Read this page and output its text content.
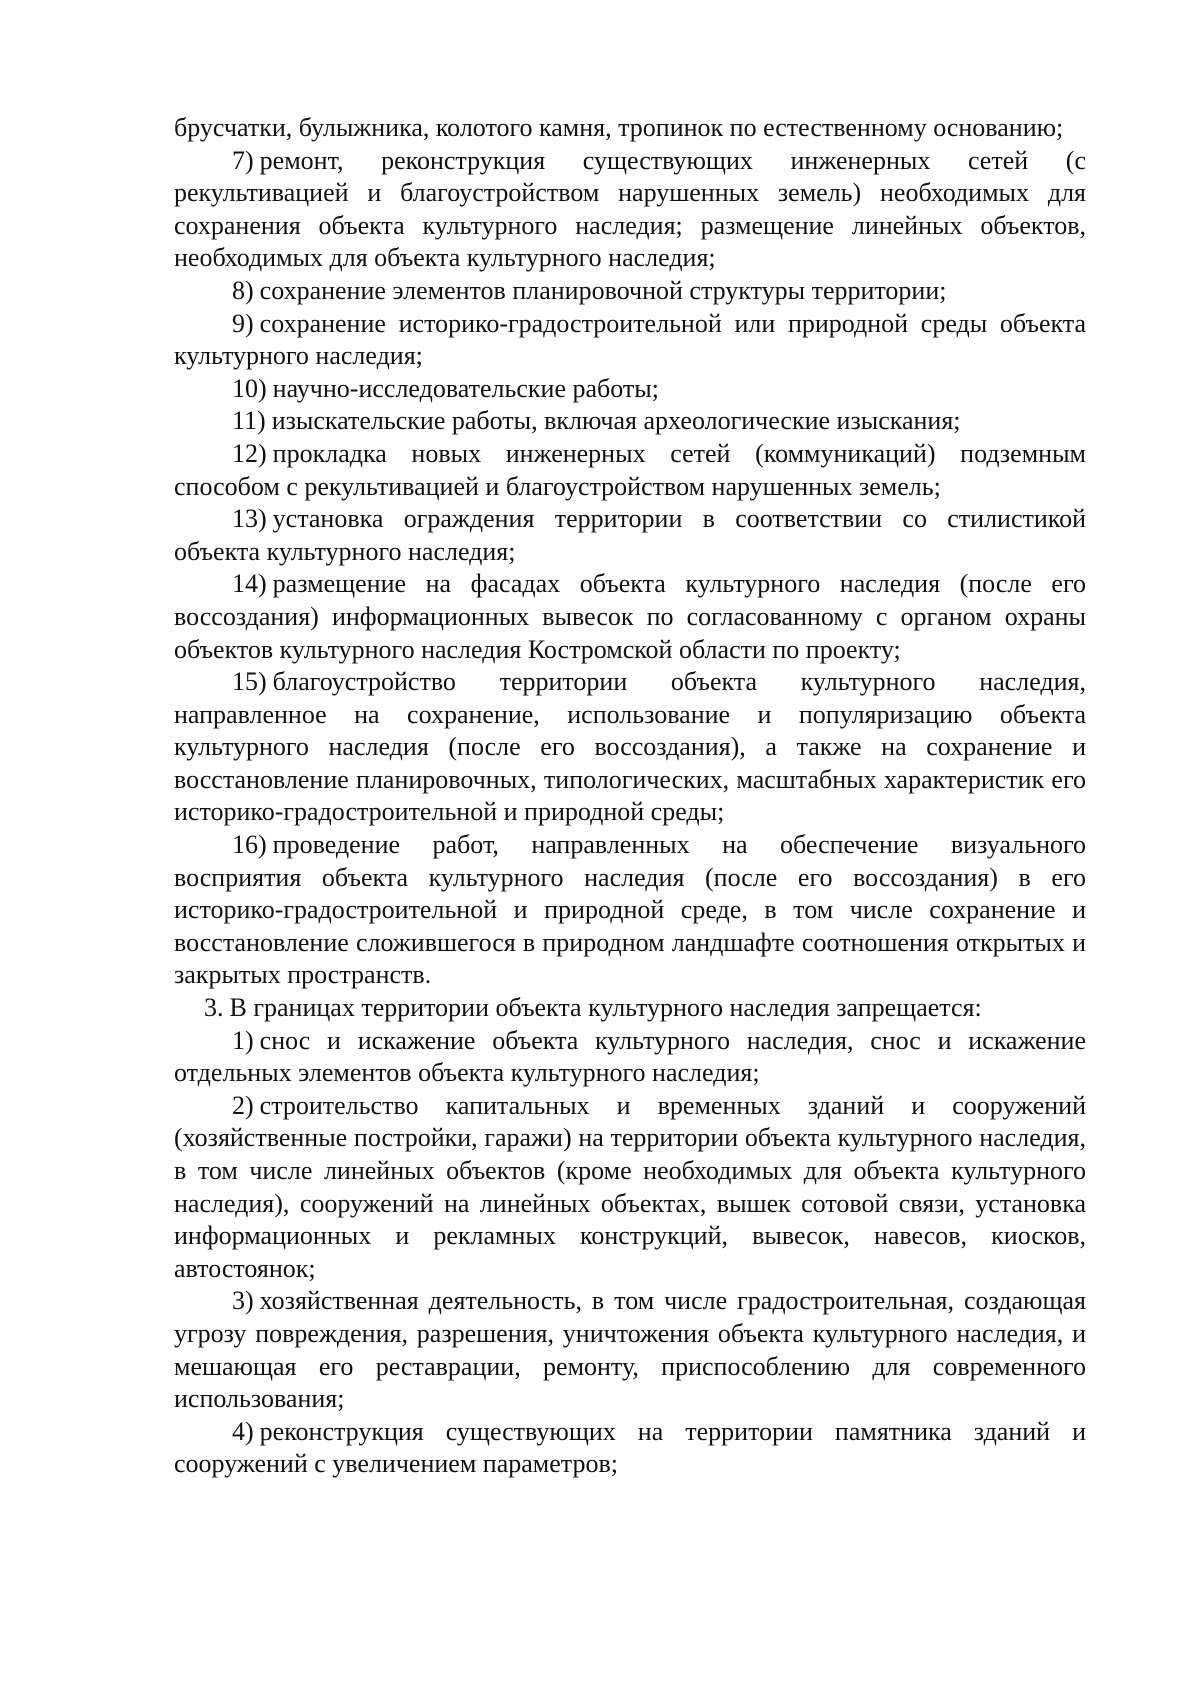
брусчатки, булыжника, колотого камня, тропинок по естественному основанию;

7) ремонт, реконструкция существующих инженерных сетей (с рекультивацией и благоустройством нарушенных земель) необходимых для сохранения объекта культурного наследия; размещение линейных объектов, необходимых для объекта культурного наследия;

8) сохранение элементов планировочной структуры территории;

9) сохранение историко-градостроительной или природной среды объекта культурного наследия;

10) научно-исследовательские работы;

11) изыскательские работы, включая археологические изыскания;

12) прокладка новых инженерных сетей (коммуникаций) подземным способом с рекультивацией и благоустройством нарушенных земель;

13) установка ограждения территории в соответствии со стилистикой объекта культурного наследия;

14) размещение на фасадах объекта культурного наследия (после его воссоздания) информационных вывесок по согласованному с органом охраны объектов культурного наследия Костромской области по проекту;

15) благоустройство территории объекта культурного наследия, направленное на сохранение, использование и популяризацию объекта культурного наследия (после его воссоздания), а также на сохранение и восстановление планировочных, типологических, масштабных характеристик его историко-градостроительной и природной среды;

16) проведение работ, направленных на обеспечение визуального восприятия объекта культурного наследия (после его воссоздания) в его историко-градостроительной и природной среде, в том числе сохранение и восстановление сложившегося в природном ландшафте соотношения открытых и закрытых пространств.

3. В границах территории объекта культурного наследия запрещается:

1) снос и искажение объекта культурного наследия, снос и искажение отдельных элементов объекта культурного наследия;

2) строительство капитальных и временных зданий и сооружений (хозяйственные постройки, гаражи) на территории объекта культурного наследия, в том числе линейных объектов (кроме необходимых для объекта культурного наследия), сооружений на линейных объектах, вышек сотовой связи, установка информационных и рекламных конструкций, вывесок, навесов, киосков, автостоянок;

3) хозяйственная деятельность, в том числе градостроительная, создающая угрозу повреждения, разрешения, уничтожения объекта культурного наследия, и мешающая его реставрации, ремонту, приспособлению для современного использования;

4) реконструкция существующих на территории памятника зданий и сооружений с увеличением параметров;
